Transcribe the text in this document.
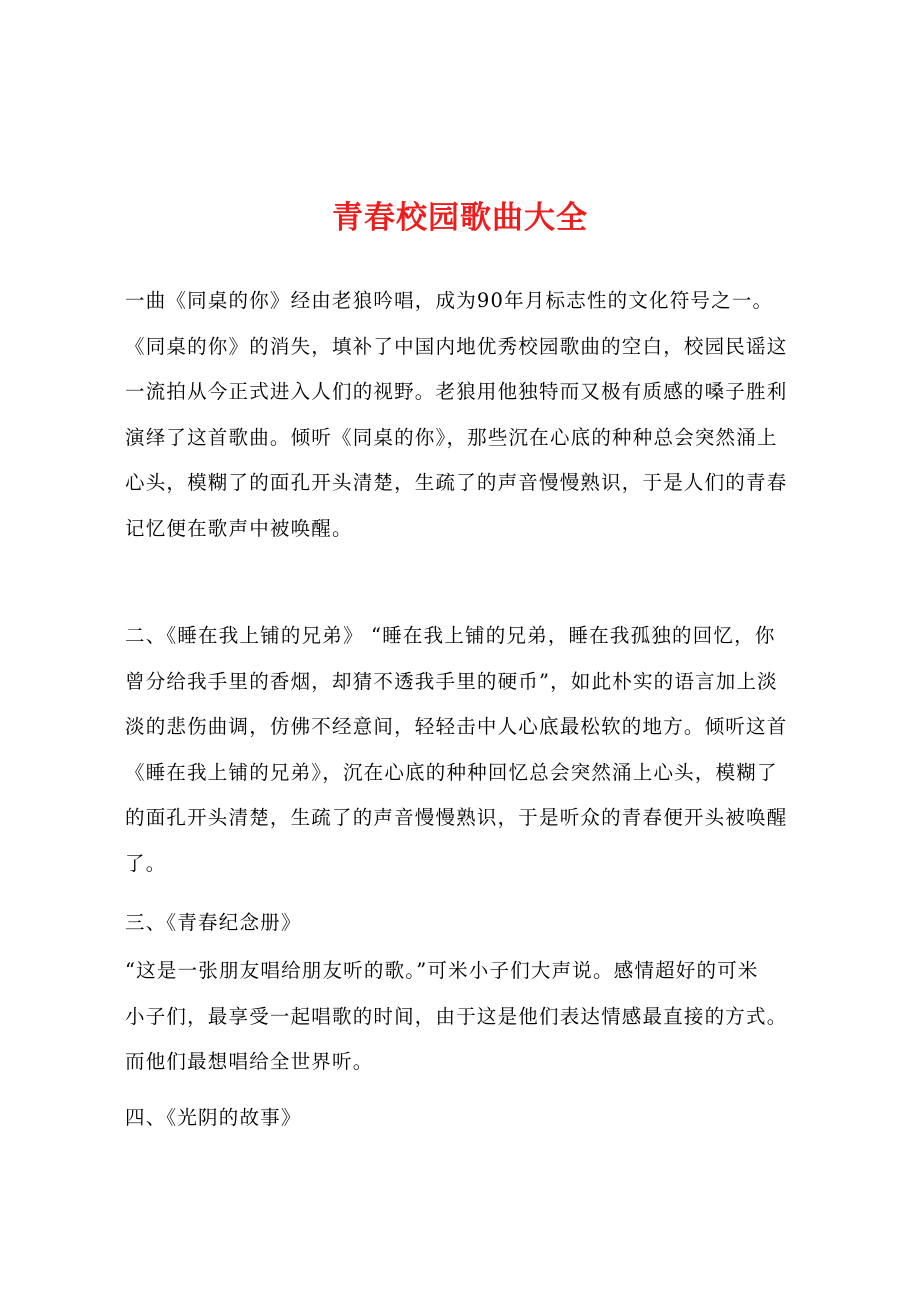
青春校园歌曲大全
一曲《同桌的你》经由老狼吟唱，成为90年月标志性的文化符号之一。
《同桌的你》的消失，填补了中国内地优秀校园歌曲的空白，校园民谣这
一流拍从今正式进入人们的视野。老狼用他独特而又极有质感的嗓子胜利
演绎了这首歌曲。倾听《同桌的你》，那些沉在心底的种种总会突然涌上
心头，模糊了的面孔开头清楚，生疏了的声音慢慢熟识，于是人们的青春
记忆便在歌声中被唤醒。
二、《睡在我上铺的兄弟》 “睡在我上铺的兄弟，睡在我孤独的回忆，你
曾分给我手里的香烟，却猜不透我手里的硬币”，如此朴实的语言加上淡
淡的悲伤曲调，仿佛不经意间，轻轻击中人心底最松软的地方。倾听这首
《睡在我上铺的兄弟》，沉在心底的种种回忆总会突然涌上心头，模糊了
的面孔开头清楚，生疏了的声音慢慢熟识，于是听众的青春便开头被唤醒
了。
三、《青春纪念册》
“这是一张朋友唱给朋友听的歌。”可米小子们大声说。感情超好的可米
小子们，最享受一起唱歌的时间，由于这是他们表达情感最直接的方式。
而他们最想唱给全世界听。
四、《光阴的故事》
